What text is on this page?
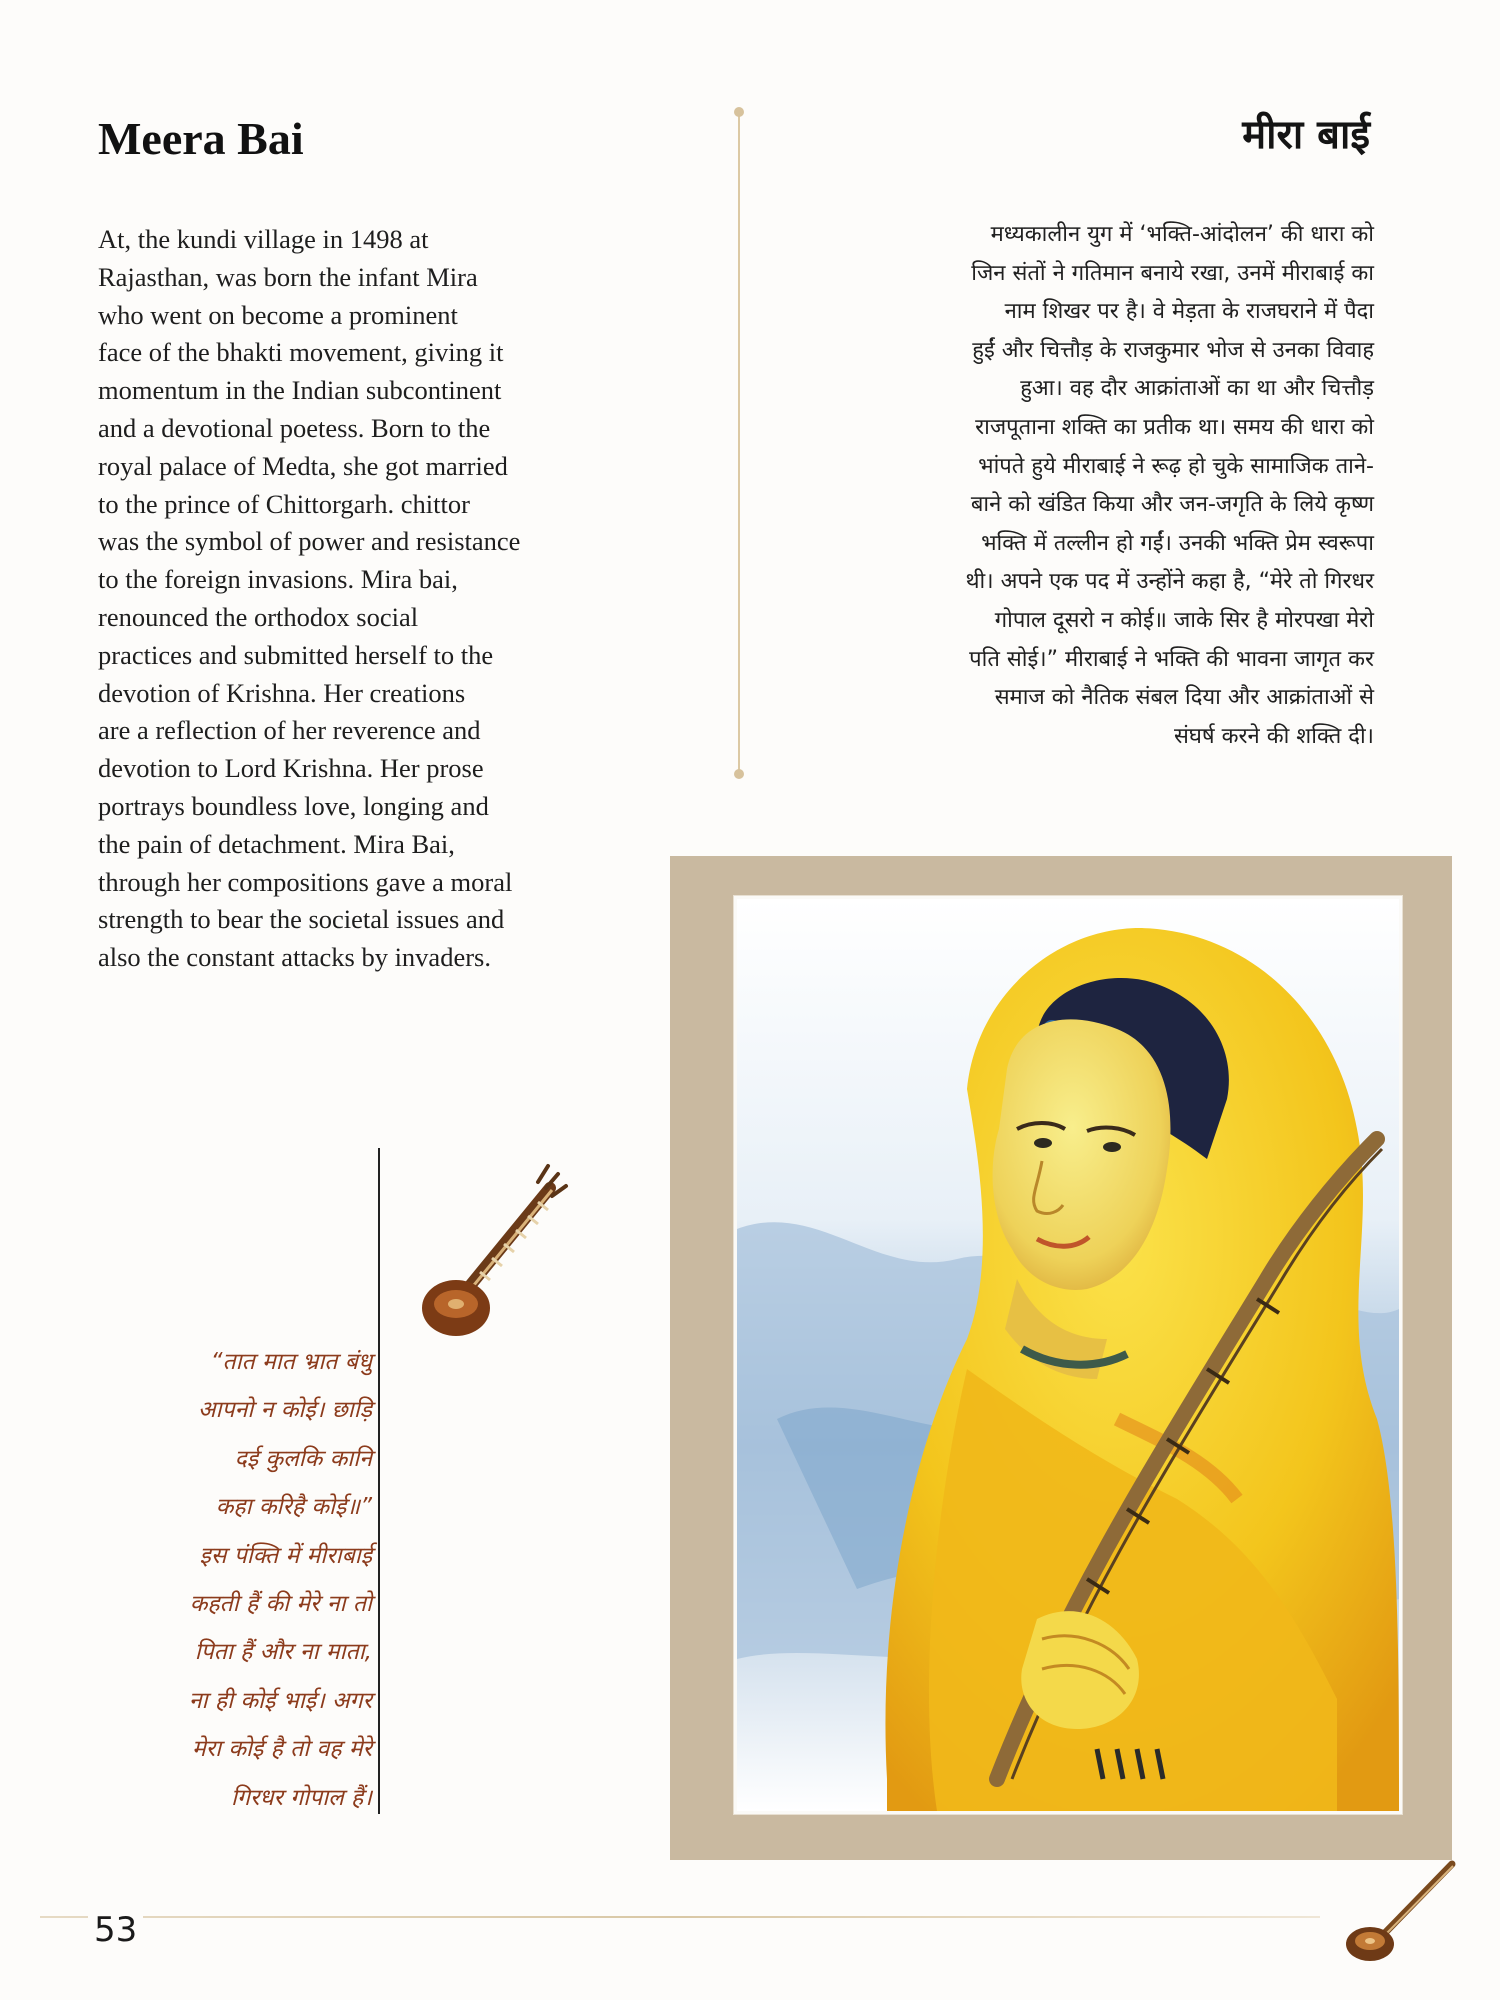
Meera Bai

At, the kundi village in 1498 at
Rajasthan, was born the infant Mira
who went on become a prominent
face of the bhakti movement, giving it
momentum in the Indian subcontinent
and a devotional poetess. Born to the
royal palace of Medta, she got married
to the prince of Chittorgarh. chittor
was the symbol of power and resistance
to the foreign invasions. Mira bai,
renounced the orthodox social
practices and submitted herself to the
devotion of Krishna. Her creations
are a reflection of her reverence and
devotion to Lord Krishna. Her prose
portrays boundless love, longing and
the pain of detachment. Mira Bai,
through her compositions gave a moral
strength to bear the societal issues and
also the constant attacks by invaders.

मीरा बाई

मध्यकालीन युग में ‘भक्ति-आंदोलन’ की धारा को
जिन संतों ने गतिमान बनाये रखा, उनमें मीराबाई का
नाम शिखर पर है। वे मेड़ता के राजघराने में पैदा
हुईं और चित्तौड़ के राजकुमार भोज से उनका विवाह
हुआ। वह दौर आक्रांताओं का था और चित्तौड़
राजपूताना शक्ति का प्रतीक था। समय की धारा को
भांपते हुये मीराबाई ने रूढ़ हो चुके सामाजिक ताने-
बाने को खंडित किया और जन-जगृति के लिये कृष्ण
भक्ति में तल्लीन हो गईं। उनकी भक्ति प्रेम स्वरूपा
थी। अपने एक पद में उन्होंने कहा है, “मेरे तो गिरधर
गोपाल दूसरो न कोई॥ जाके सिर है मोरपखा मेरो
पति सोई।” मीराबाई ने भक्ति की भावना जागृत कर
समाज को नैतिक संबल दिया और आक्रांताओं से
संघर्ष करने की शक्ति दी।

“तात मात भ्रात बंधु
आपनो न कोई। छाड़ि
दई कुलकि कानि
कहा करिहै कोई॥”
इस पंक्ति में मीराबाई
कहती हैं की मेरे ना तो
पिता हैं और ना माता,
ना ही कोई भाई। अगर
मेरा कोई है तो वह मेरे
गिरधर गोपाल हैं।

53
